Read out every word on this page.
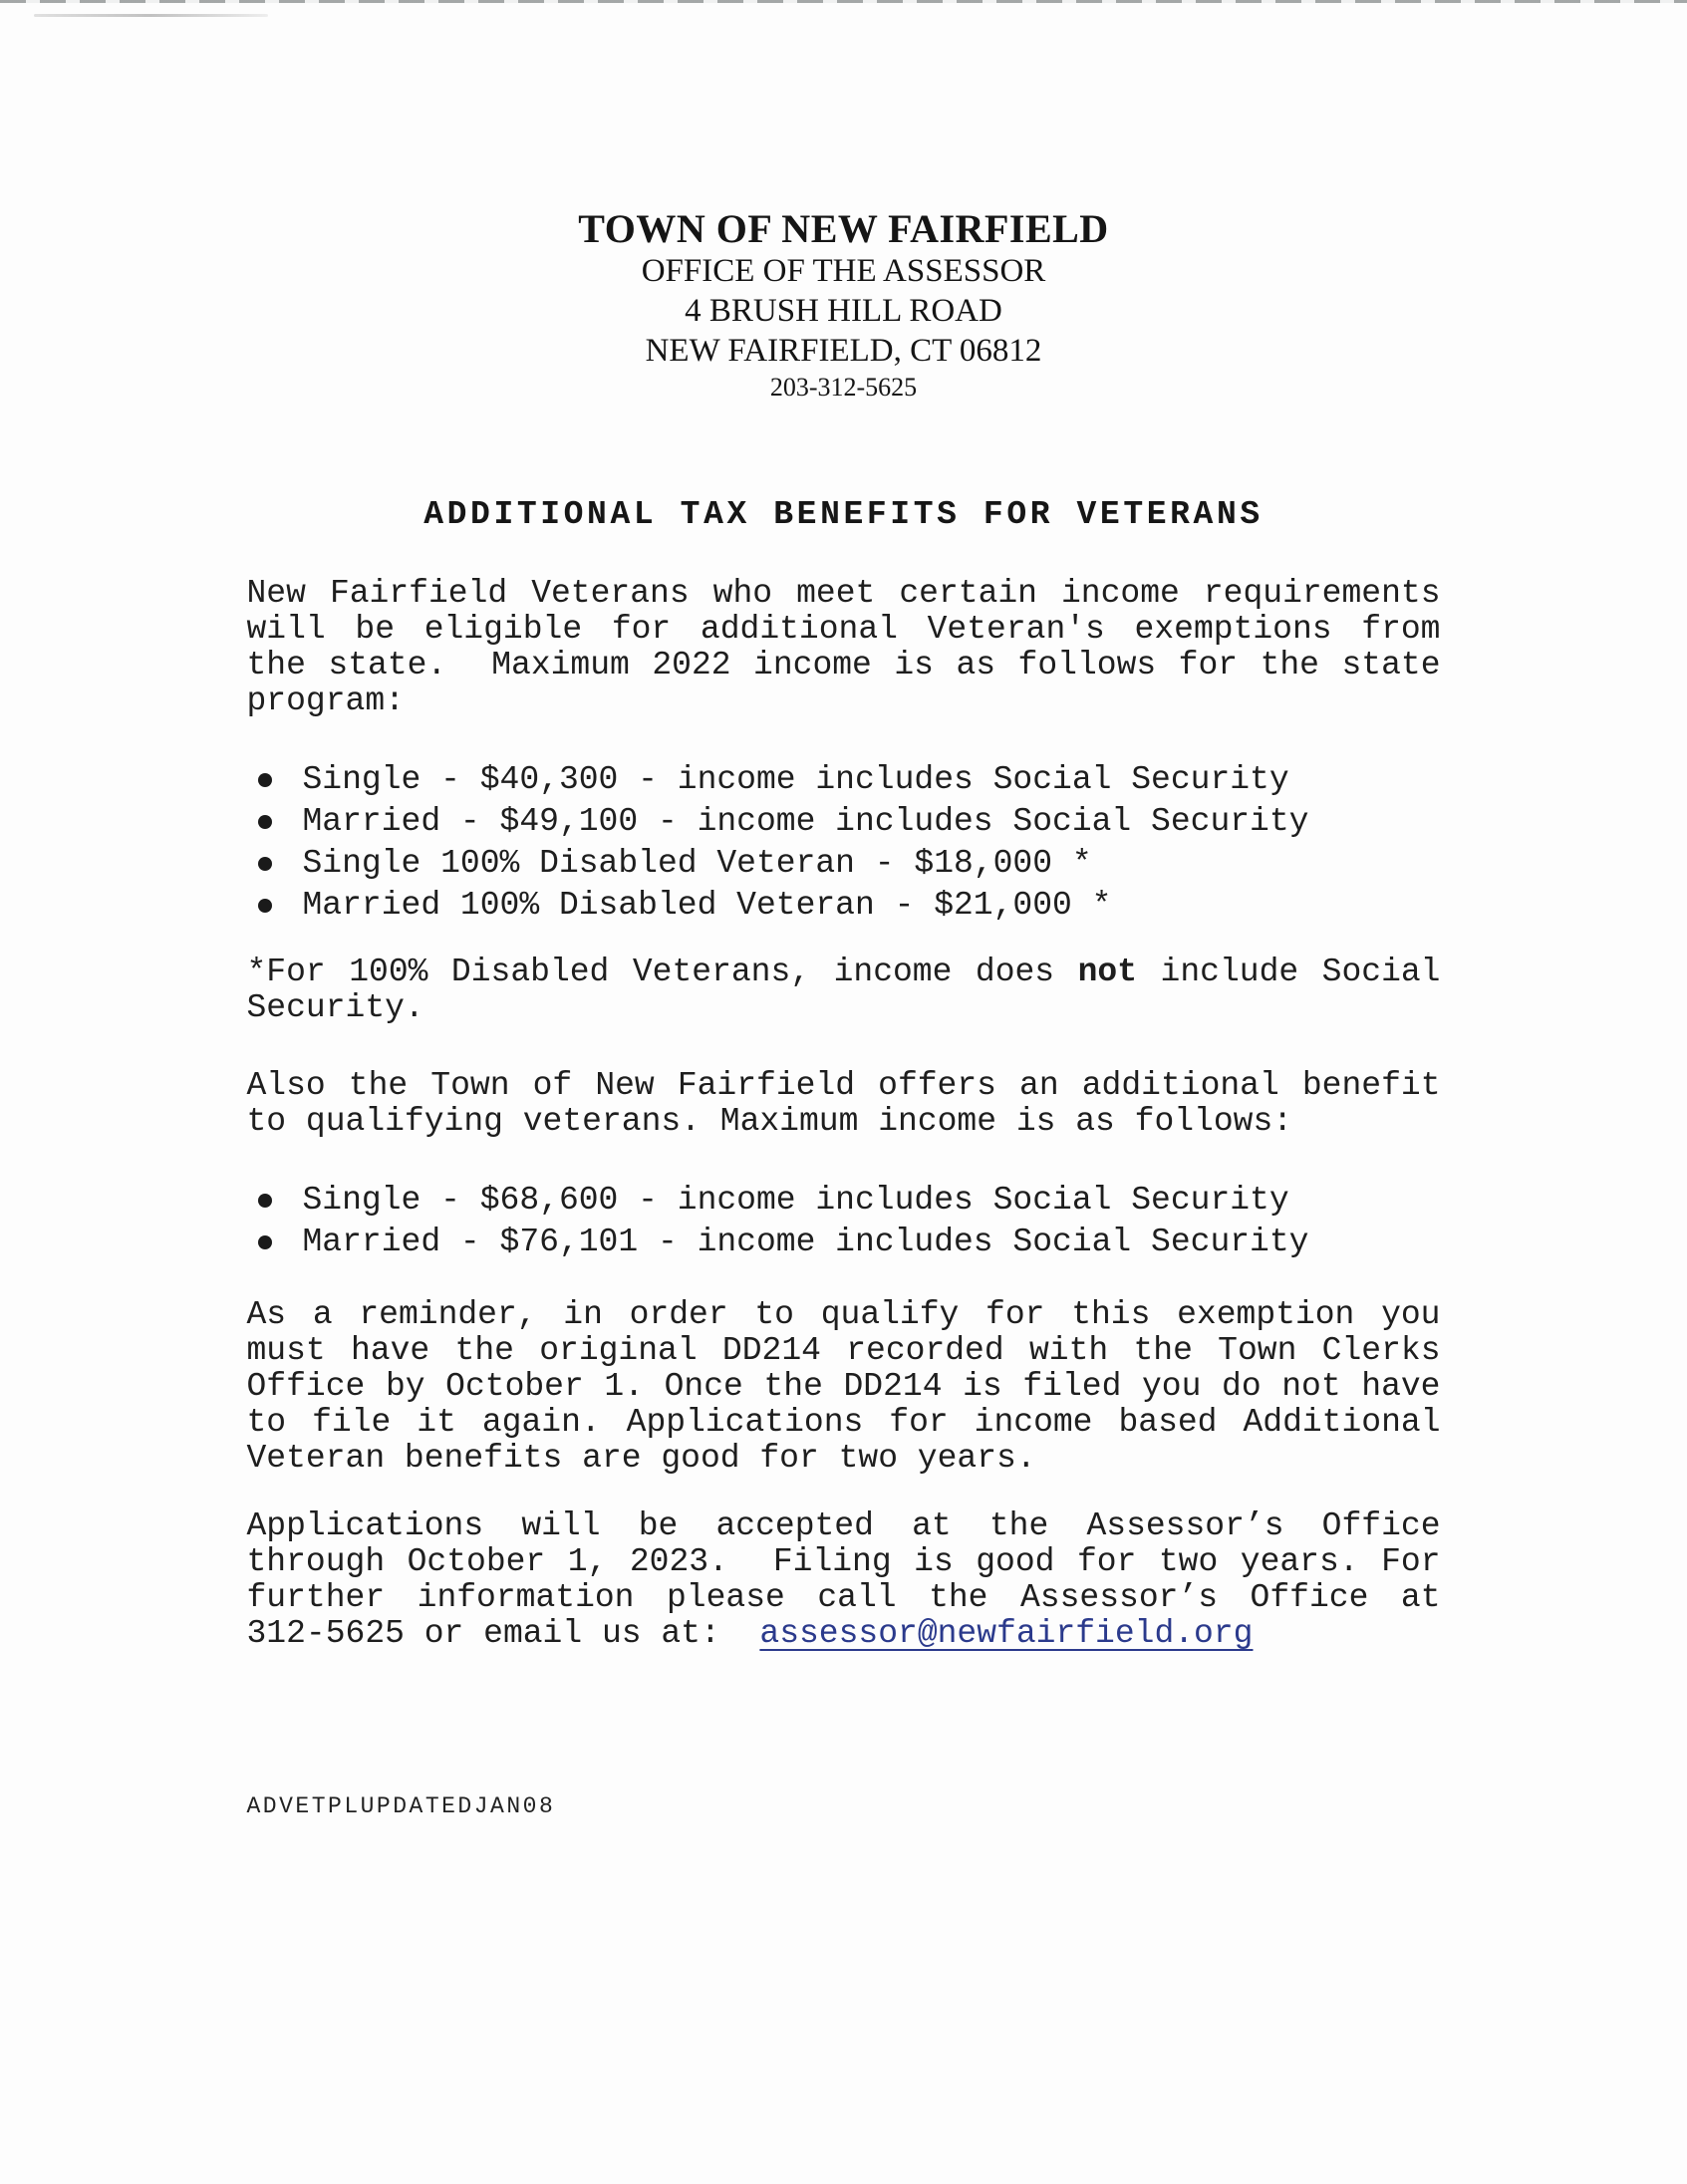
TOWN OF NEW FAIRFIELD
OFFICE OF THE ASSESSOR
4 BRUSH HILL ROAD
NEW FAIRFIELD, CT 06812
203-312-5625
ADDITIONAL TAX BENEFITS FOR VETERANS

New Fairfield Veterans who meet certain income requirements will be eligible for additional Veteran's exemptions from the state.  Maximum 2022 income is as follows for the state program:

Single - $40,300 - income includes Social Security
Married - $49,100 - income includes Social Security
Single 100% Disabled Veteran - $18,000 *
Married 100% Disabled Veteran - $21,000 *

*For 100% Disabled Veterans, income does not include Social Security.

Also the Town of New Fairfield offers an additional benefit to qualifying veterans. Maximum income is as follows:

Single - $68,600 - income includes Social Security
Married - $76,101 - income includes Social Security

As a reminder, in order to qualify for this exemption you must have the original DD214 recorded with the Town Clerks Office by October 1. Once the DD214 is filed you do not have to file it again. Applications for income based Additional Veteran benefits are good for two years.

Applications will be accepted at the Assessor’s Office through October 1, 2023.  Filing is good for two years. For further information please call the Assessor’s Office at 312-5625 or email us at:  assessor@newfairfield.org

ADVETPLUPDATEDJAN08
